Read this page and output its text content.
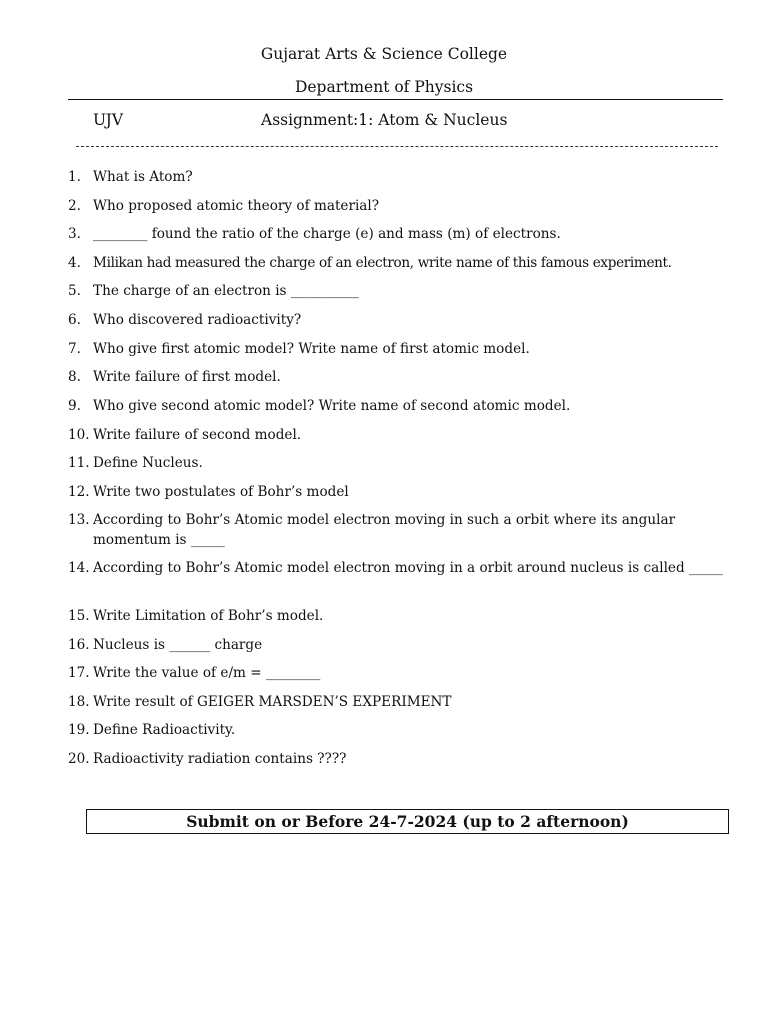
Gujarat Arts & Science College
Department of Physics
UJV	Assignment:1: Atom & Nucleus
1. What is Atom?
2. Who proposed atomic theory of material?
3. ________ found the ratio of the charge (e) and mass (m) of electrons.
4. Milikan had measured the charge of an electron, write name of this famous experiment.
5. The charge of an electron is __________
6. Who discovered radioactivity?
7. Who give first atomic model? Write name of first atomic model.
8. Write failure of first model.
9. Who give second atomic model? Write name of second atomic model.
10. Write failure of second model.
11. Define Nucleus.
12. Write two postulates of Bohr’s model
13. According to Bohr’s Atomic model electron moving in such a orbit where its angular momentum is _____
14. According to Bohr’s Atomic model electron moving in a orbit around nucleus is called _____
15. Write Limitation of Bohr’s model.
16. Nucleus is ______ charge
17. Write the value of e/m = ________
18. Write result of GEIGER MARSDEN’S EXPERIMENT
19. Define Radioactivity.
20. Radioactivity radiation contains ????
Submit on or Before 24-7-2024 (up to 2 afternoon)
